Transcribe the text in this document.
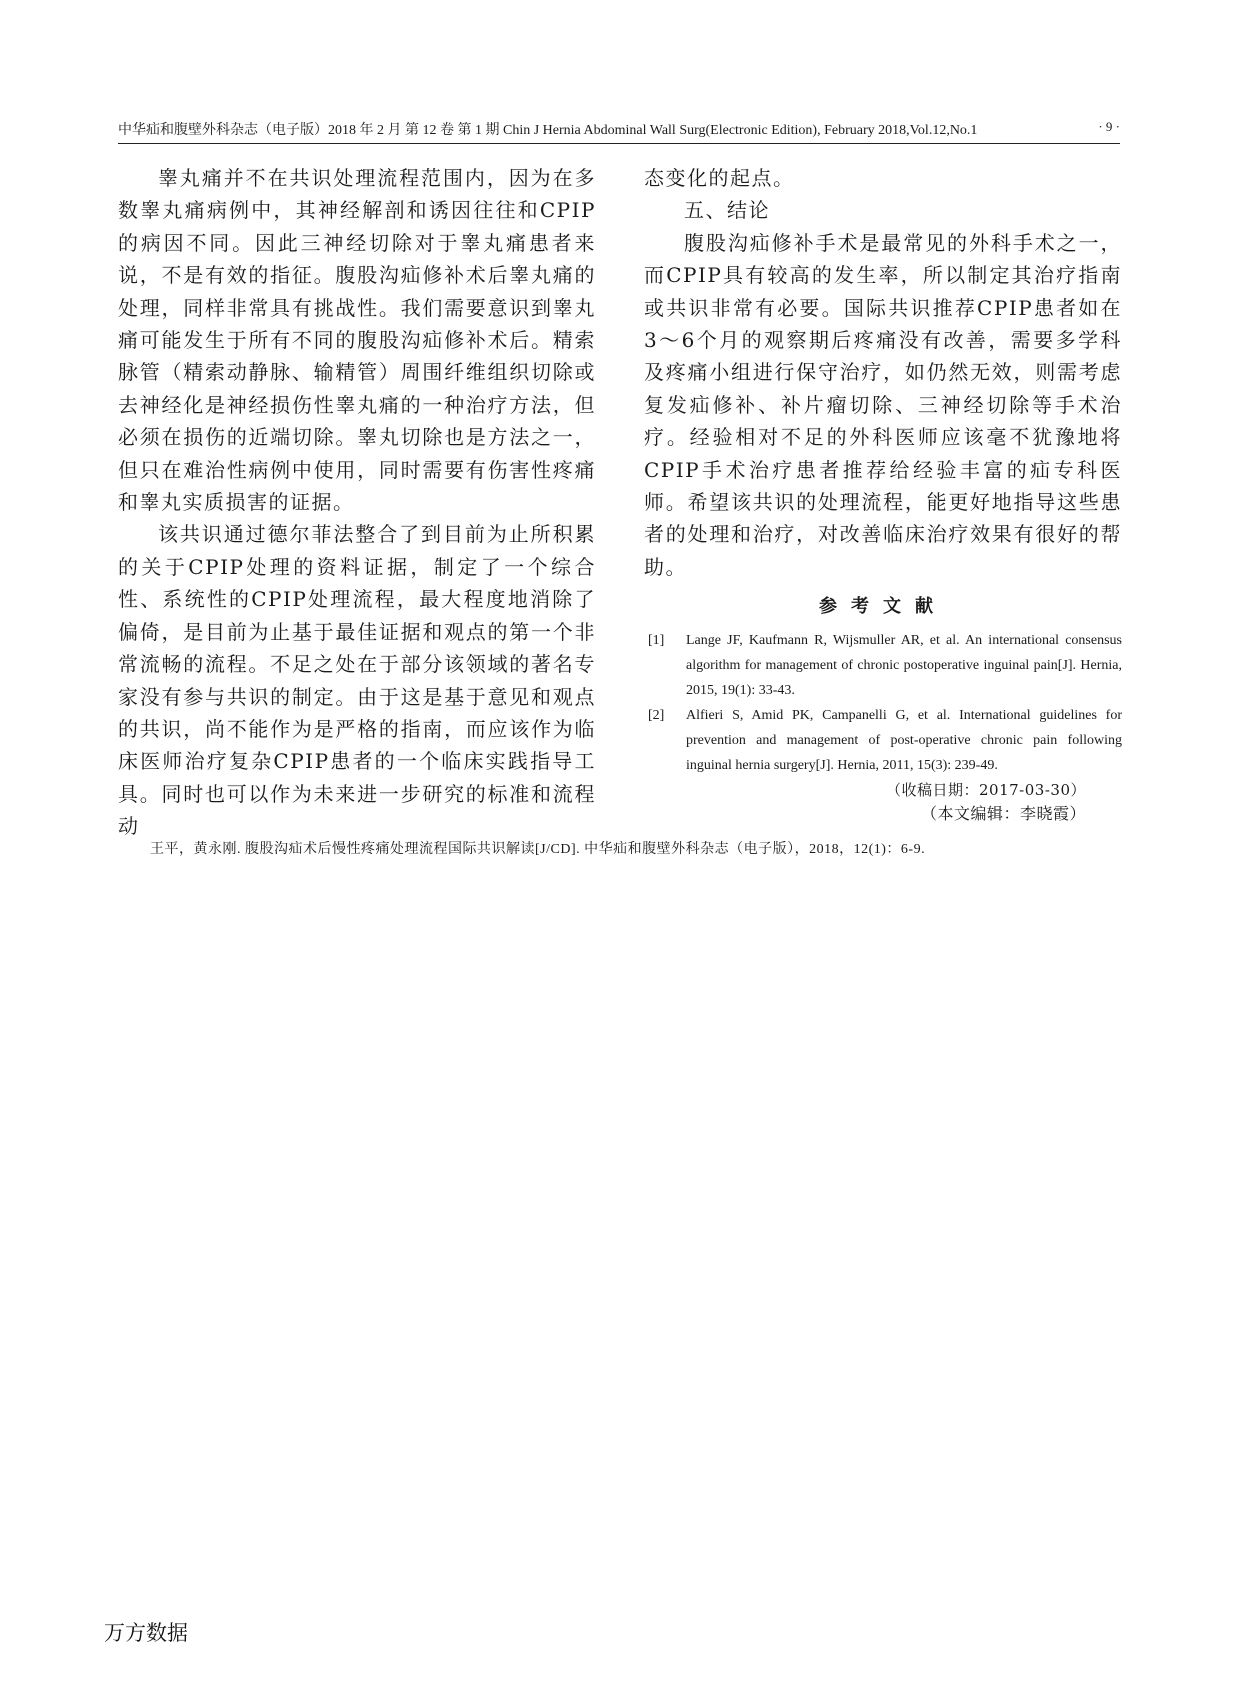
中华疝和腹壁外科杂志（电子版）2018 年 2 月 第 12 卷 第 1 期 Chin J Hernia Abdominal Wall Surg(Electronic Edition), February 2018,Vol.12,No.1	· 9 ·

睾丸痛并不在共识处理流程范围内，因为在多数睾丸痛病例中，其神经解剖和诱因往往和CPIP的病因不同。因此三神经切除对于睾丸痛患者来说，不是有效的指征。腹股沟疝修补术后睾丸痛的处理，同样非常具有挑战性。我们需要意识到睾丸痛可能发生于所有不同的腹股沟疝修补术后。精索脉管（精索动静脉、输精管）周围纤维组织切除或去神经化是神经损伤性睾丸痛的一种治疗方法，但必须在损伤的近端切除。睾丸切除也是方法之一，但只在难治性病例中使用，同时需要有伤害性疼痛和睾丸实质损害的证据。

该共识通过德尔菲法整合了到目前为止所积累的关于CPIP处理的资料证据，制定了一个综合性、系统性的CPIP处理流程，最大程度地消除了偏倚，是目前为止基于最佳证据和观点的第一个非常流畅的流程。不足之处在于部分该领域的著名专家没有参与共识的制定。由于这是基于意见和观点的共识，尚不能作为是严格的指南，而应该作为临床医师治疗复杂CPIP患者的一个临床实践指导工具。同时也可以作为未来进一步研究的标准和流程动

态变化的起点。

五、结论

腹股沟疝修补手术是最常见的外科手术之一，而CPIP具有较高的发生率，所以制定其治疗指南或共识非常有必要。国际共识推荐CPIP患者如在3～6个月的观察期后疼痛没有改善，需要多学科及疼痛小组进行保守治疗，如仍然无效，则需考虑复发疝修补、补片瘤切除、三神经切除等手术治疗。经验相对不足的外科医师应该毫不犹豫地将CPIP手术治疗患者推荐给经验丰富的疝专科医师。希望该共识的处理流程，能更好地指导这些患者的处理和治疗，对改善临床治疗效果有很好的帮助。

参考文献
[1] Lange JF, Kaufmann R, Wijsmuller AR, et al. An international consensus algorithm for management of chronic postoperative inguinal pain[J]. Hernia, 2015, 19(1): 33-43.
[2] Alfieri S, Amid PK, Campanelli G, et al. International guidelines for prevention and management of post-operative chronic pain following inguinal hernia surgery[J]. Hernia, 2011, 15(3): 239-49.
（收稿日期：2017-03-30）
（本文编辑：李晓霞）
王平，黄永刚. 腹股沟疝术后慢性疼痛处理流程国际共识解读[J/CD]. 中华疝和腹壁外科杂志（电子版），2018，12(1)：6-9.
万方数据
